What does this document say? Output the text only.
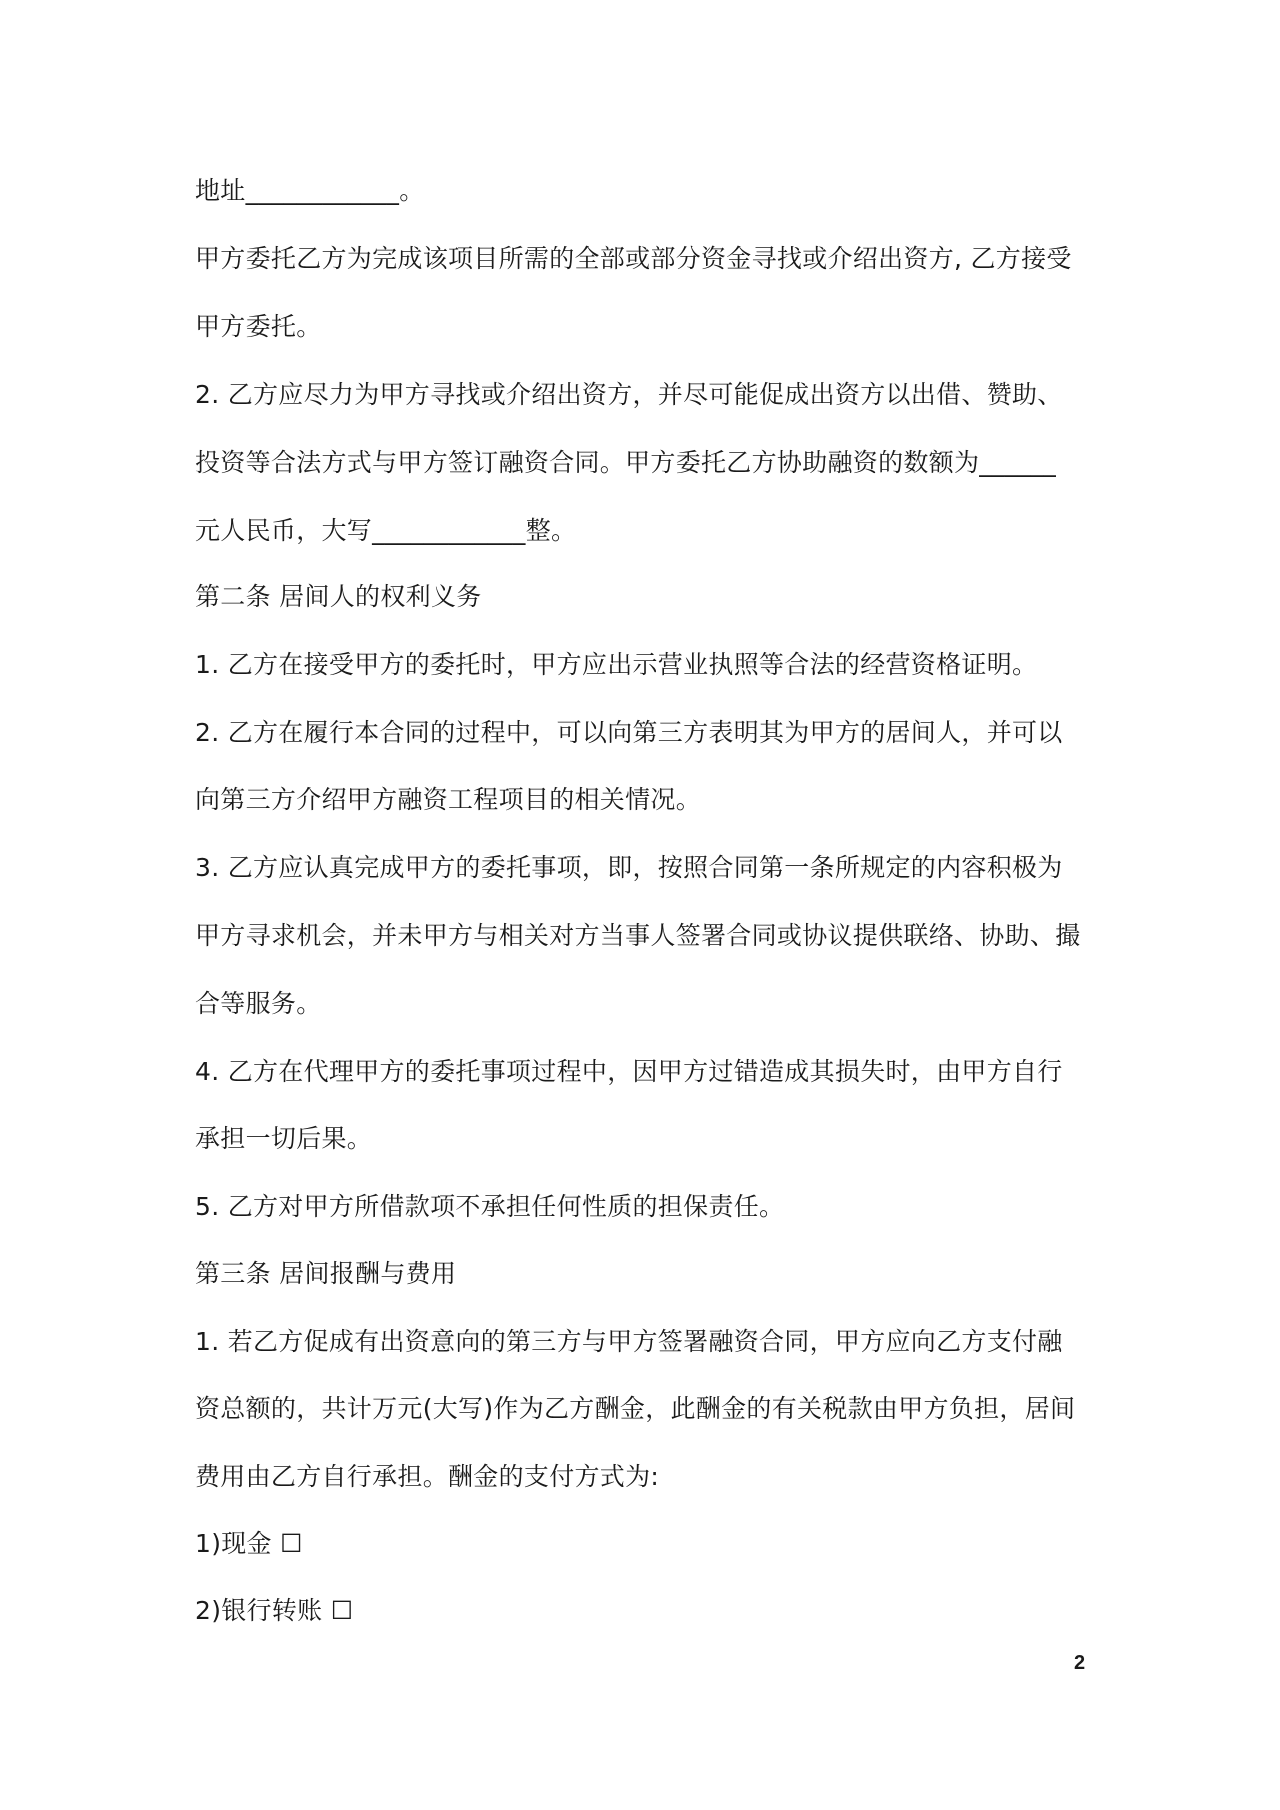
地址____________。
甲方委托乙方为完成该项目所需的全部或部分资金寻找或介绍出资方, 乙方接受
甲方委托。
2. 乙方应尽力为甲方寻找或介绍出资方，并尽可能促成出资方以出借、赞助、
投资等合法方式与甲方签订融资合同。甲方委托乙方协助融资的数额为______
元人民币，大写____________整。
第二条 居间人的权利义务
1. 乙方在接受甲方的委托时，甲方应出示营业执照等合法的经营资格证明。
2. 乙方在履行本合同的过程中，可以向第三方表明其为甲方的居间人，并可以
向第三方介绍甲方融资工程项目的相关情况。
3. 乙方应认真完成甲方的委托事项，即，按照合同第一条所规定的内容积极为
甲方寻求机会，并未甲方与相关对方当事人签署合同或协议提供联络、协助、撮
合等服务。
4. 乙方在代理甲方的委托事项过程中，因甲方过错造成其损失时，由甲方自行
承担一切后果。
5. 乙方对甲方所借款项不承担任何性质的担保责任。
第三条 居间报酬与费用
1. 若乙方促成有出资意向的第三方与甲方签署融资合同，甲方应向乙方支付融
资总额的，共计万元(大写)作为乙方酬金，此酬金的有关税款由甲方负担，居间
费用由乙方自行承担。酬金的支付方式为:
1)现金 ☐
2)银行转账 ☐
2
